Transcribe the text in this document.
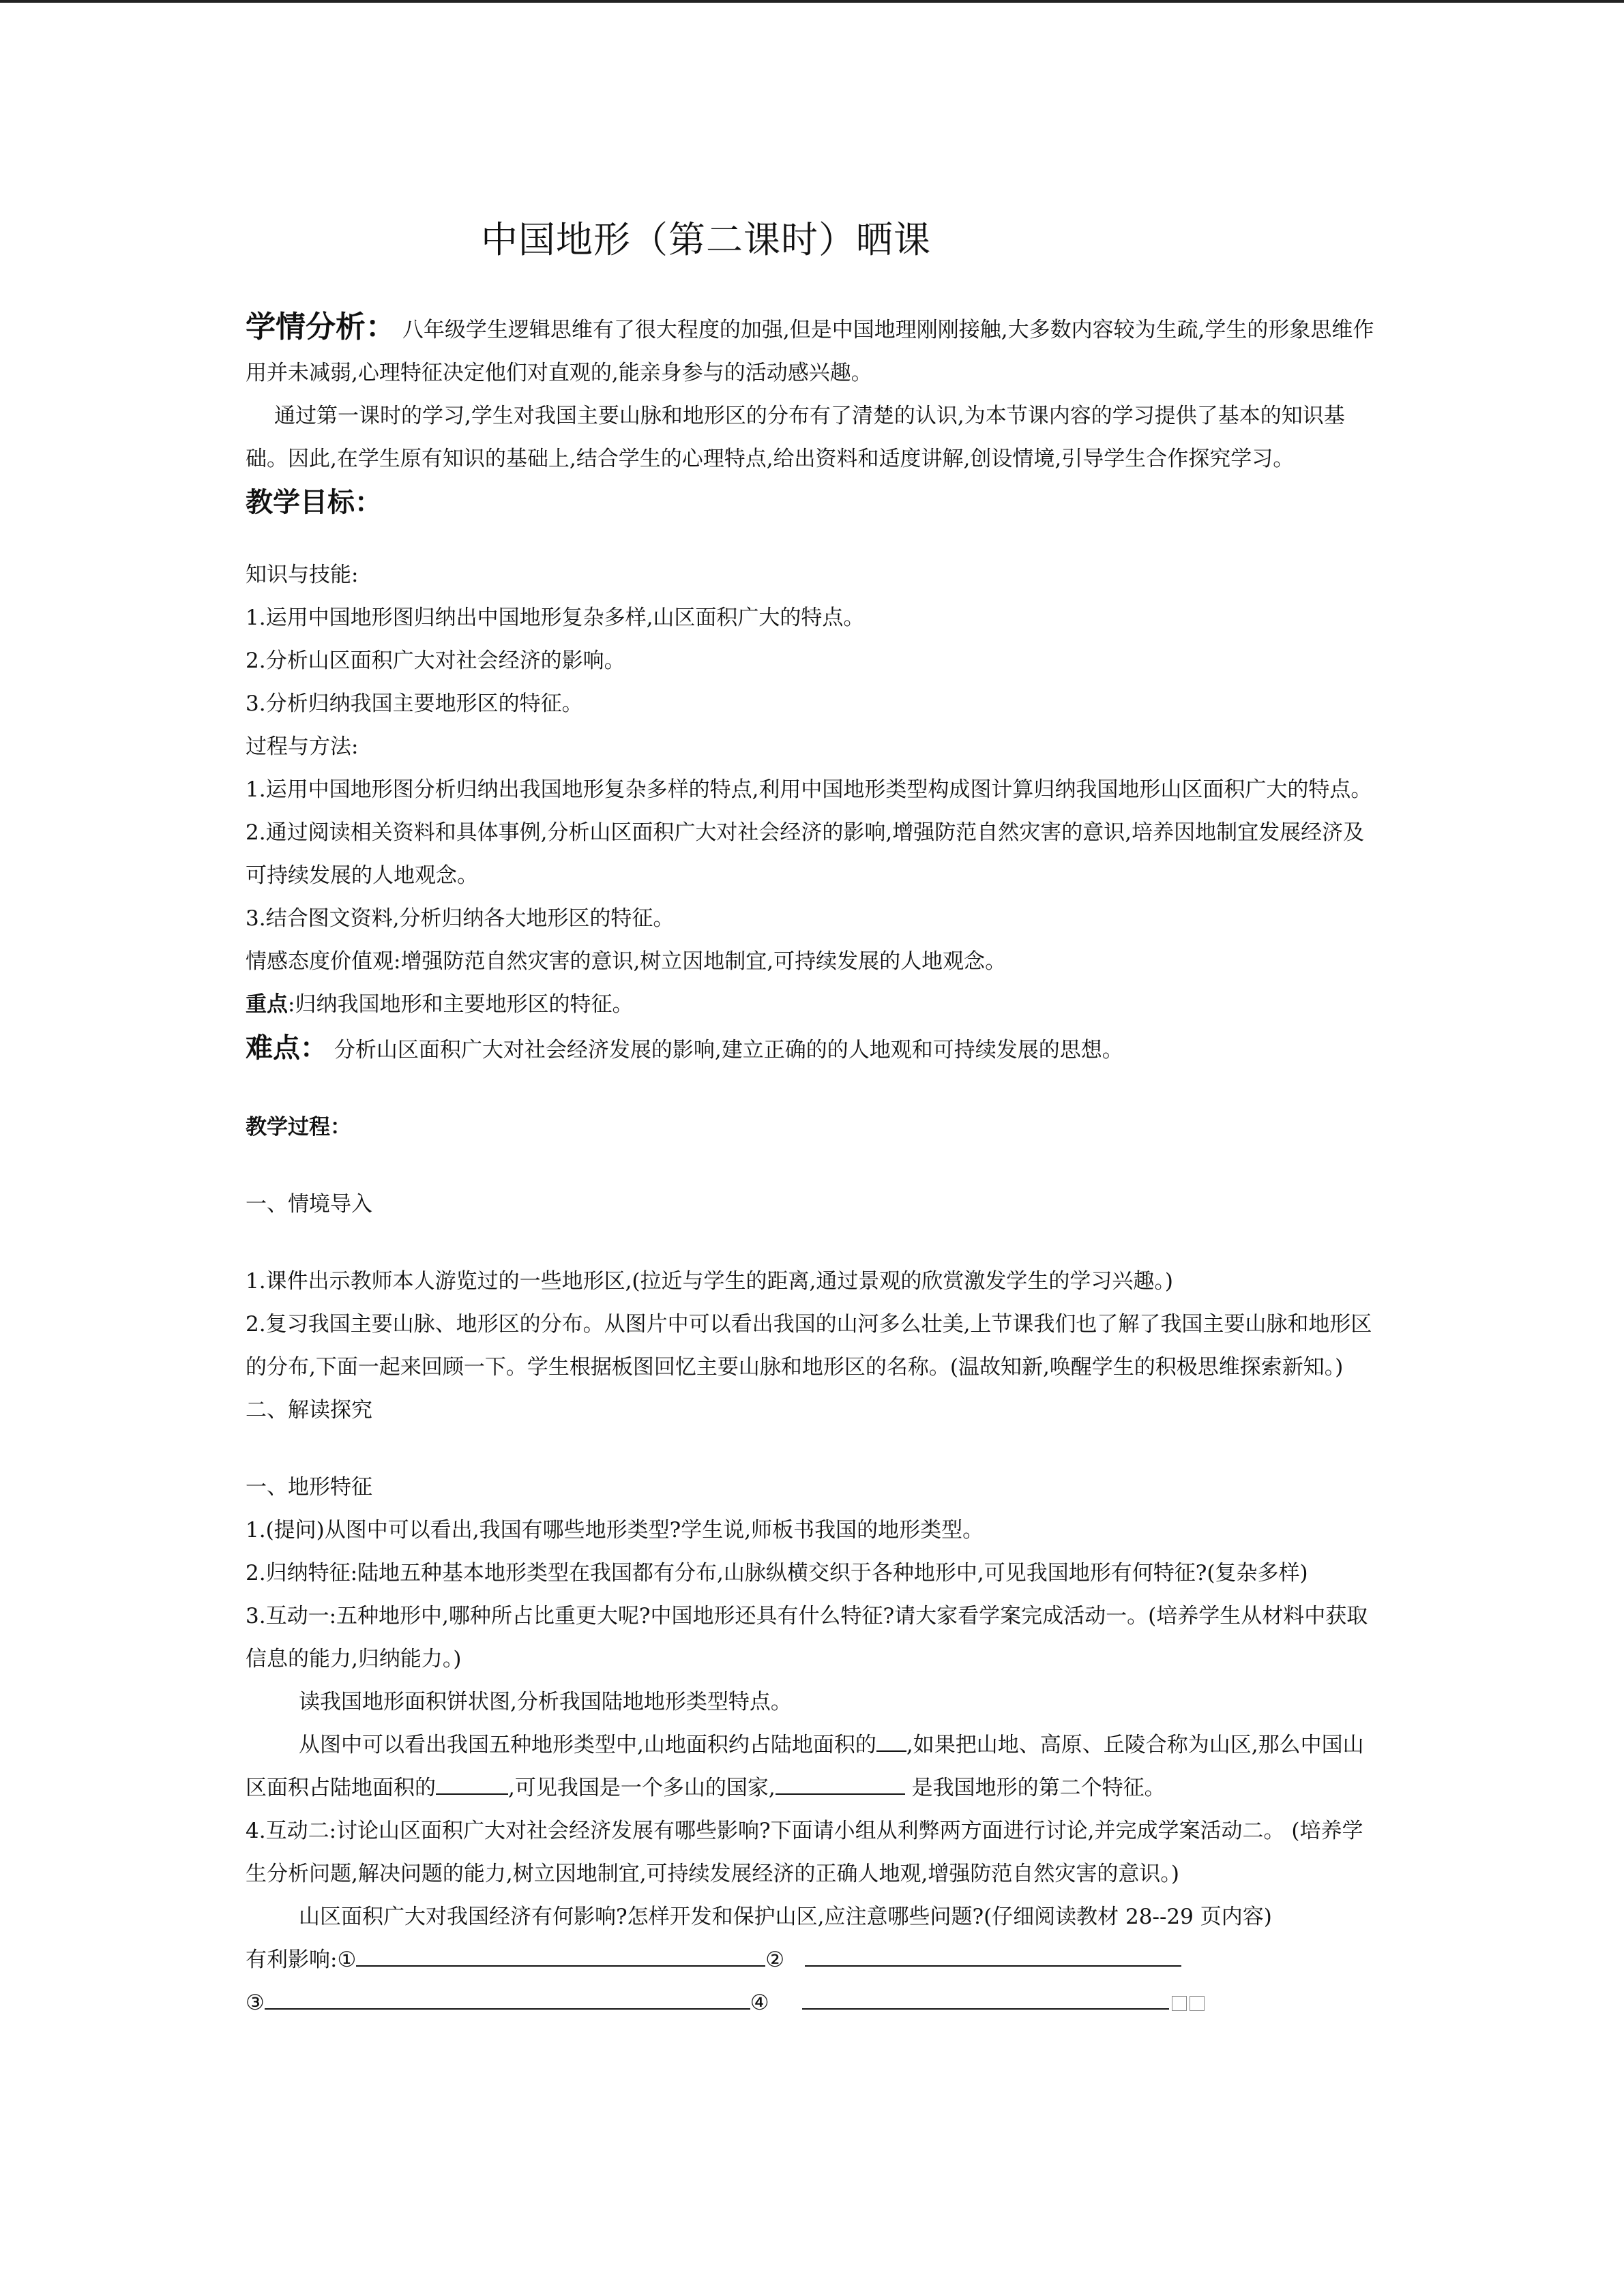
中国地形（第二课时）晒课

学情分析： 八年级学生逻辑思维有了很大程度的加强,但是中国地理刚刚接触,大多数内容较为生疏,学生的形象思维作用并未减弱,心理特征决定他们对直观的,能亲身参与的活动感兴趣。

通过第一课时的学习,学生对我国主要山脉和地形区的分布有了清楚的认识,为本节课内容的学习提供了基本的知识基础。因此,在学生原有知识的基础上,结合学生的心理特点,给出资料和适度讲解,创设情境,引导学生合作探究学习。

教学目标：

知识与技能:

1.运用中国地形图归纳出中国地形复杂多样,山区面积广大的特点。

2.分析山区面积广大对社会经济的影响。

3.分析归纳我国主要地形区的特征。

过程与方法:

1.运用中国地形图分析归纳出我国地形复杂多样的特点,利用中国地形类型构成图计算归纳我国地形山区面积广大的特点。

2.通过阅读相关资料和具体事例,分析山区面积广大对社会经济的影响,增强防范自然灾害的意识,培养因地制宜发展经济及可持续发展的人地观念。

3.结合图文资料,分析归纳各大地形区的特征。

情感态度价值观:增强防范自然灾害的意识,树立因地制宜,可持续发展的人地观念。

重点:归纳我国地形和主要地形区的特征。

难点： 分析山区面积广大对社会经济发展的影响,建立正确的的人地观和可持续发展的思想。

教学过程：

一、情境导入

1.课件出示教师本人游览过的一些地形区,(拉近与学生的距离,通过景观的欣赏激发学生的学习兴趣。)

2.复习我国主要山脉、地形区的分布。从图片中可以看出我国的山河多么壮美,上节课我们也了解了我国主要山脉和地形区的分布,下面一起来回顾一下。学生根据板图回忆主要山脉和地形区的名称。(温故知新,唤醒学生的积极思维探索新知。)

二、解读探究

一、地形特征

1.(提问)从图中可以看出,我国有哪些地形类型?学生说,师板书我国的地形类型。

2.归纳特征:陆地五种基本地形类型在我国都有分布,山脉纵横交织于各种地形中,可见我国地形有何特征?(复杂多样)

3.互动一:五种地形中,哪种所占比重更大呢?中国地形还具有什么特征?请大家看学案完成活动一。(培养学生从材料中获取信息的能力,归纳能力。)

读我国地形面积饼状图,分析我国陆地地形类型特点。

从图中可以看出我国五种地形类型中,山地面积约占陆地面积的 ,如果把山地、高原、丘陵合称为山区,那么中国山区面积占陆地面积的	,可见我国是一个多山的国家,	是我国地形的第二个特征。

4.互动二:讨论山区面积广大对社会经济发展有哪些影响?下面请小组从利弊两方面进行讨论,并完成学案活动二。 (培养学生分析问题,解决问题的能力,树立因地制宜,可持续发展经济的正确人地观,增强防范自然灾害的意识。)

山区面积广大对我国经济有何影响?怎样开发和保护山区,应注意哪些问题?(仔细阅读教材 28--29 页内容)

有利影响:①	②
③	④
